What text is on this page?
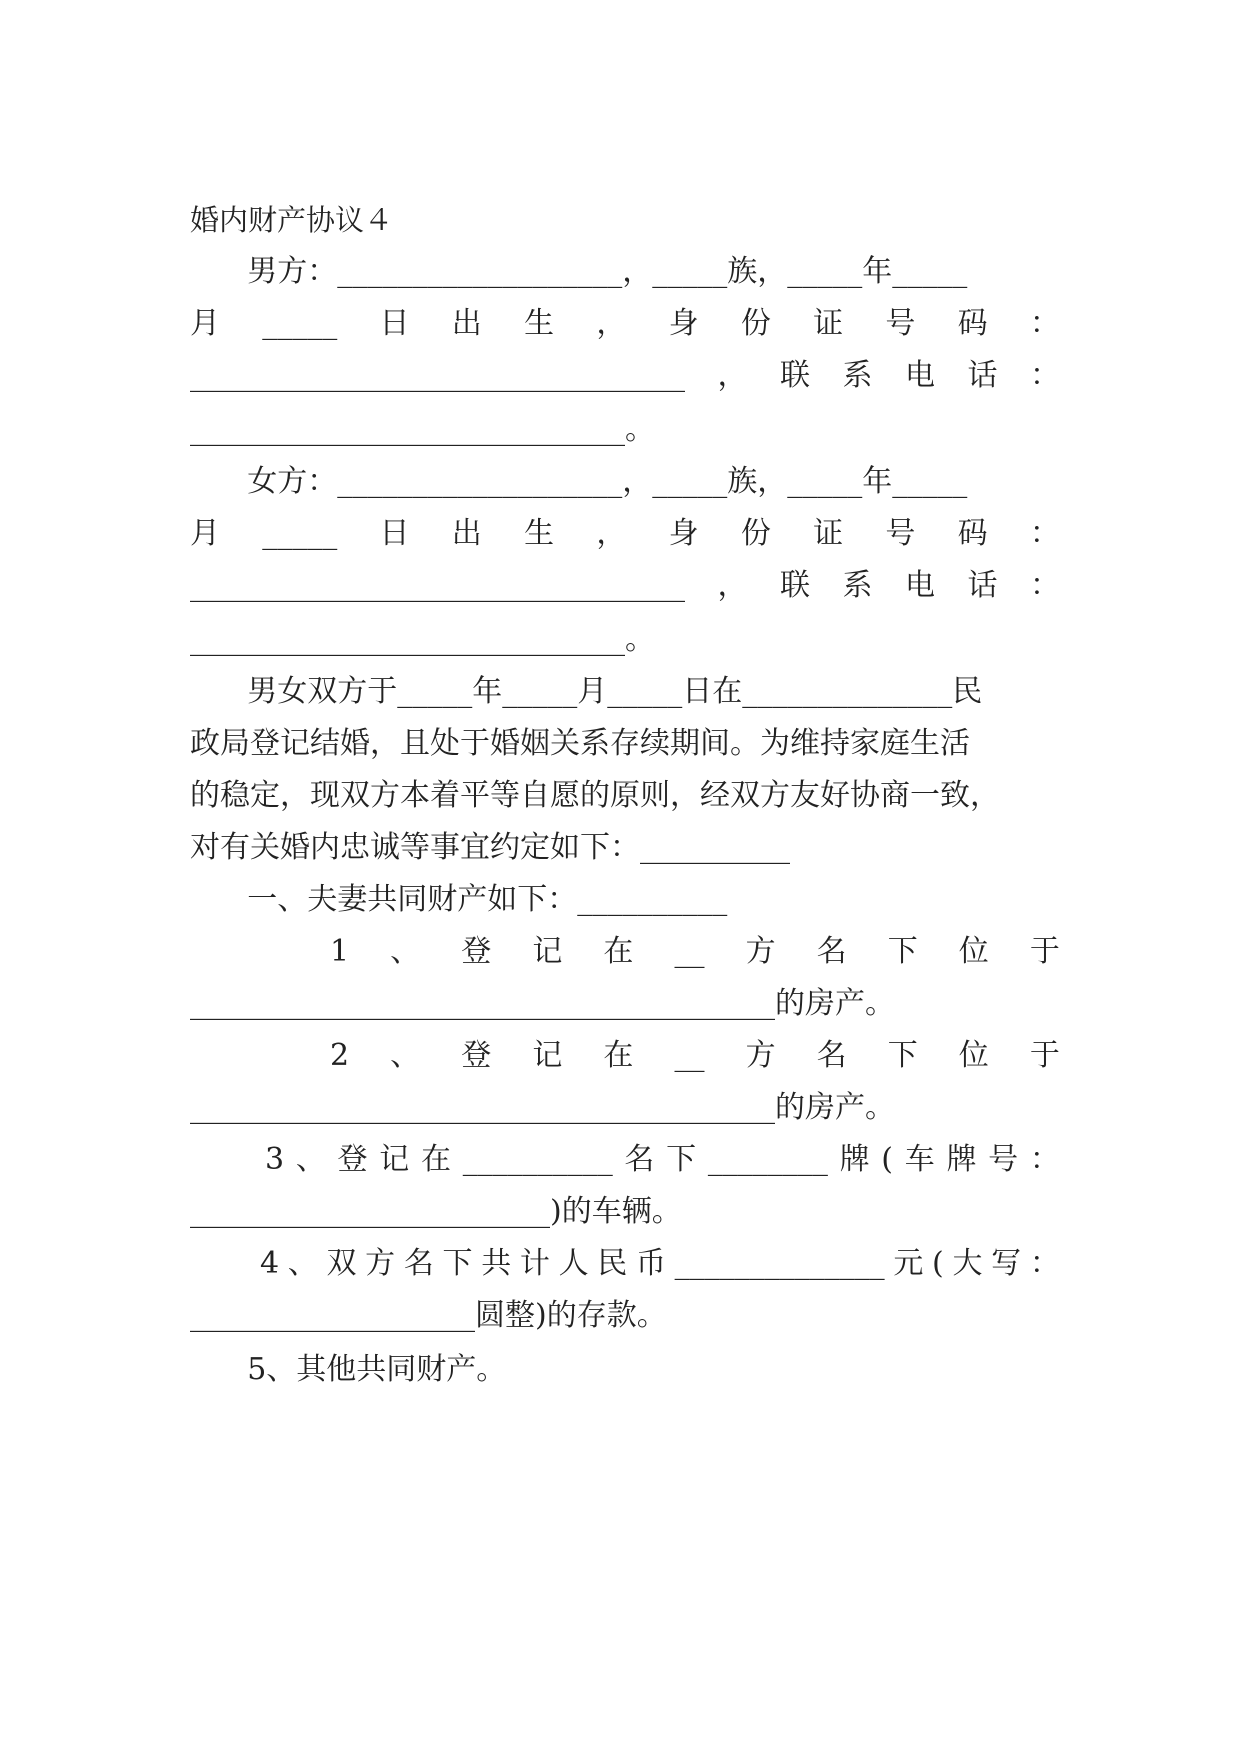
婚内财产协议４
男方：___________________，_____族，_____年_____
月 _____ 日 出 生 ， 身 份 证 号 码 ：
_________________________________ ， 联 系 电 话 ：
_____________________________。
女方：___________________，_____族，_____年_____
月 _____ 日 出 生 ， 身 份 证 号 码 ：
_________________________________ ， 联 系 电 话 ：
_____________________________。
男女双方于_____年_____月_____日在______________民
政局登记结婚，且处于婚姻关系存续期间。为维持家庭生活
的稳定，现双方本着平等自愿的原则，经双方友好协商一致，
对有关婚内忠诚等事宜约定如下：__________
一、夫妻共同财产如下：__________
1 、 登 记 在 __ 方 名 下 位 于
_______________________________________的房产。
2 、 登 记 在 __ 方 名 下 位 于
_______________________________________的房产。
3 、 登 记 在 __________ 名 下 ________ 牌 ( 车 牌 号 ：
________________________)的车辆。
4 、 双 方 名 下 共 计 人 民 币 ______________ 元 ( 大 写 ：
___________________圆整)的存款。
5、其他共同财产。
